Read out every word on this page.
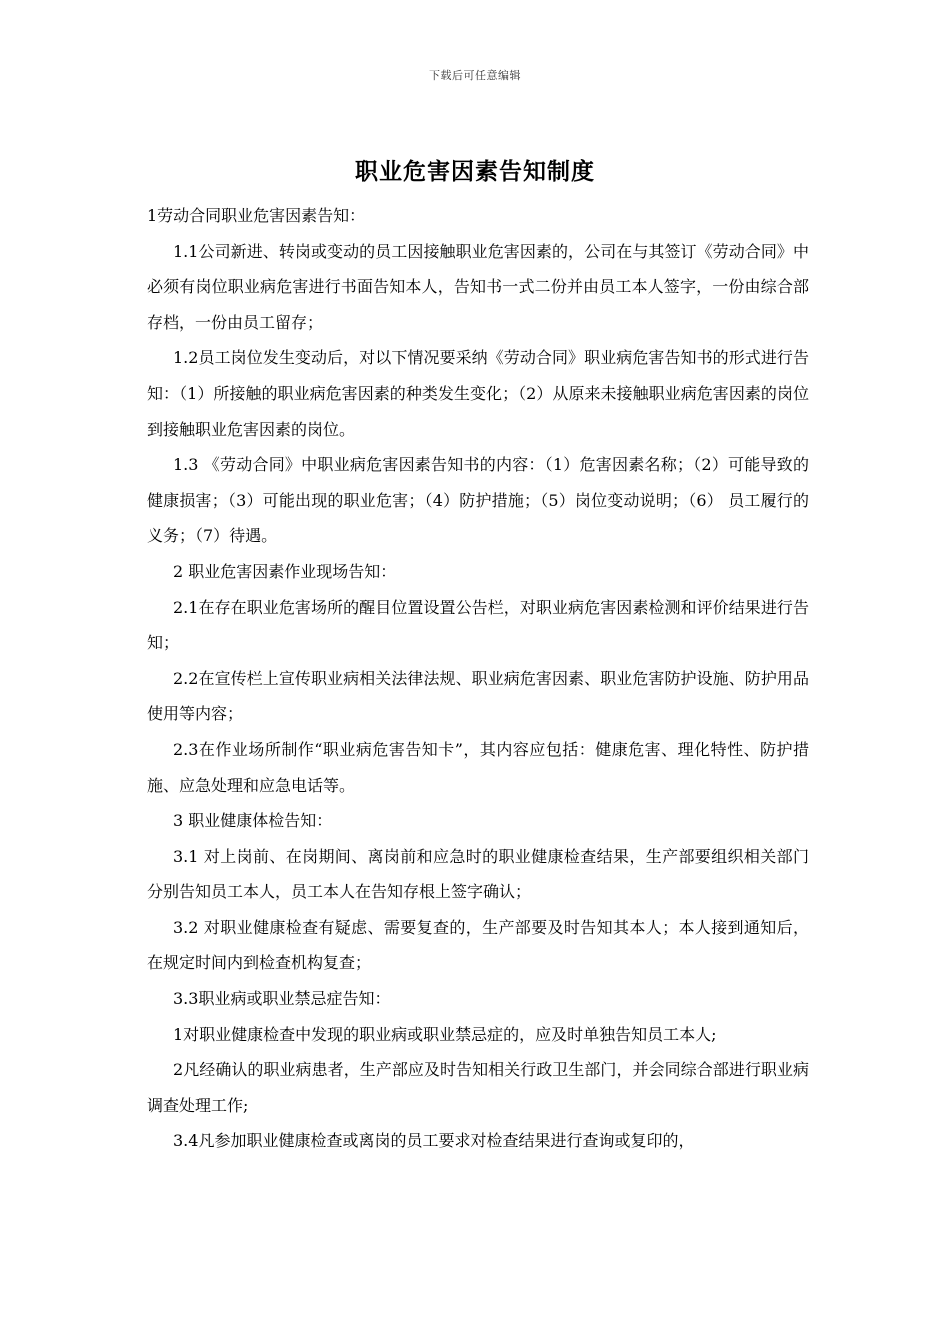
下载后可任意编辑
职业危害因素告知制度

1劳动合同职业危害因素告知：

1.1公司新进、转岗或变动的员工因接触职业危害因素的，公司在与其签订《劳动合同》中必须有岗位职业病危害进行书面告知本人，告知书一式二份并由员工本人签字，一份由综合部存档，一份由员工留存；

1.2员工岗位发生变动后，对以下情况要采纳《劳动合同》职业病危害告知书的形式进行告知：（1）所接触的职业病危害因素的种类发生变化；（2）从原来未接触职业病危害因素的岗位到接触职业危害因素的岗位。

1.3 《劳动合同》中职业病危害因素告知书的内容：（1）危害因素名称；（2）可能导致的健康损害；（3）可能出现的职业危害；（4）防护措施；（5）岗位变动说明；（6） 员工履行的义务；（7）待遇。

2 职业危害因素作业现场告知：

2.1在存在职业危害场所的醒目位置设置公告栏，对职业病危害因素检测和评价结果进行告知；

2.2在宣传栏上宣传职业病相关法律法规、职业病危害因素、职业危害防护设施、防护用品使用等内容；

2.3在作业场所制作“职业病危害告知卡”，其内容应包括：健康危害、理化特性、防护措施、应急处理和应急电话等。

3 职业健康体检告知：

3.1 对上岗前、在岗期间、离岗前和应急时的职业健康检查结果，生产部要组织相关部门分别告知员工本人，员工本人在告知存根上签字确认；

3.2 对职业健康检查有疑虑、需要复查的，生产部要及时告知其本人；本人接到通知后，在规定时间内到检查机构复查；

3.3职业病或职业禁忌症告知：

1对职业健康检查中发现的职业病或职业禁忌症的，应及时单独告知员工本人;

2凡经确认的职业病患者，生产部应及时告知相关行政卫生部门，并会同综合部进行职业病调查处理工作;

3.4凡参加职业健康检查或离岗的员工要求对检查结果进行查询或复印的，
